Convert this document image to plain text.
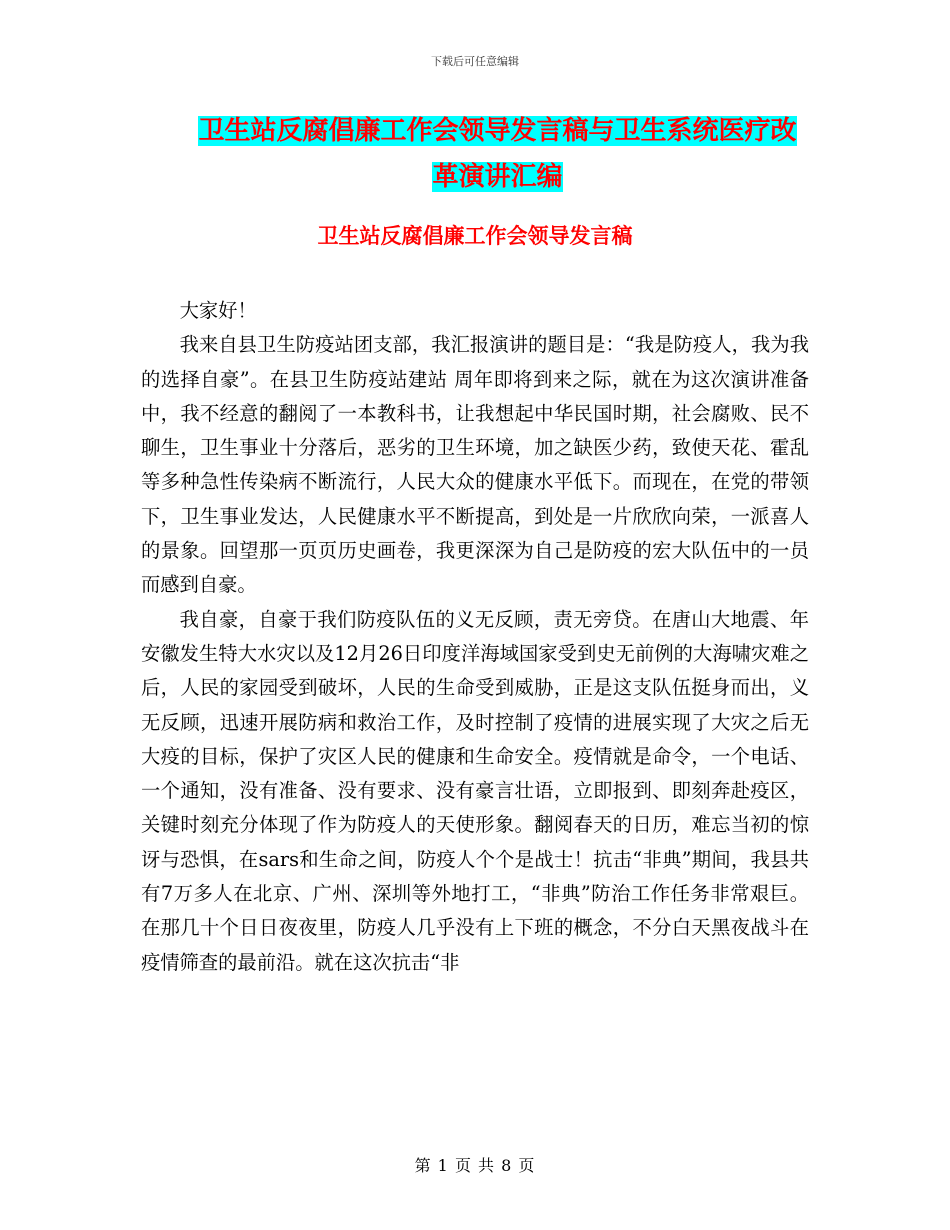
下载后可任意编辑
卫生站反腐倡廉工作会领导发言稿与卫生系统医疗改
革演讲汇编
卫生站反腐倡廉工作会领导发言稿

大家好！

我来自县卫生防疫站团支部，我汇报演讲的题目是：“我是防疫人，我为我的选择自豪”。在县卫生防疫站建站 周年即将到来之际，就在为这次演讲准备中，我不经意的翻阅了一本教科书，让我想起中华民国时期，社会腐败、民不聊生，卫生事业十分落后，恶劣的卫生环境，加之缺医少药，致使天花、霍乱等多种急性传染病不断流行，人民大众的健康水平低下。而现在，在党的带领下，卫生事业发达，人民健康水平不断提高，到处是一片欣欣向荣，一派喜人的景象。回望那一页页历史画卷，我更深深为自己是防疫的宏大队伍中的一员而感到自豪。

我自豪，自豪于我们防疫队伍的义无反顾，责无旁贷。在唐山大地震、年安徽发生特大水灾以及12月26日印度洋海域国家受到史无前例的大海啸灾难之后，人民的家园受到破坏，人民的生命受到威胁，正是这支队伍挺身而出，义无反顾，迅速开展防病和救治工作，及时控制了疫情的进展实现了大灾之后无大疫的目标，保护了灾区人民的健康和生命安全。疫情就是命令，一个电话、一个通知，没有准备、没有要求、没有豪言壮语，立即报到、即刻奔赴疫区，关键时刻充分体现了作为防疫人的天使形象。翻阅春天的日历，难忘当初的惊讶与恐惧，在sars和生命之间，防疫人个个是战士！抗击“非典”期间，我县共有7万多人在北京、广州、深圳等外地打工，“非典”防治工作任务非常艰巨。在那几十个日日夜夜里，防疫人几乎没有上下班的概念，不分白天黑夜战斗在疫情筛查的最前沿。就在这次抗击“非

第 1 页 共 8 页
